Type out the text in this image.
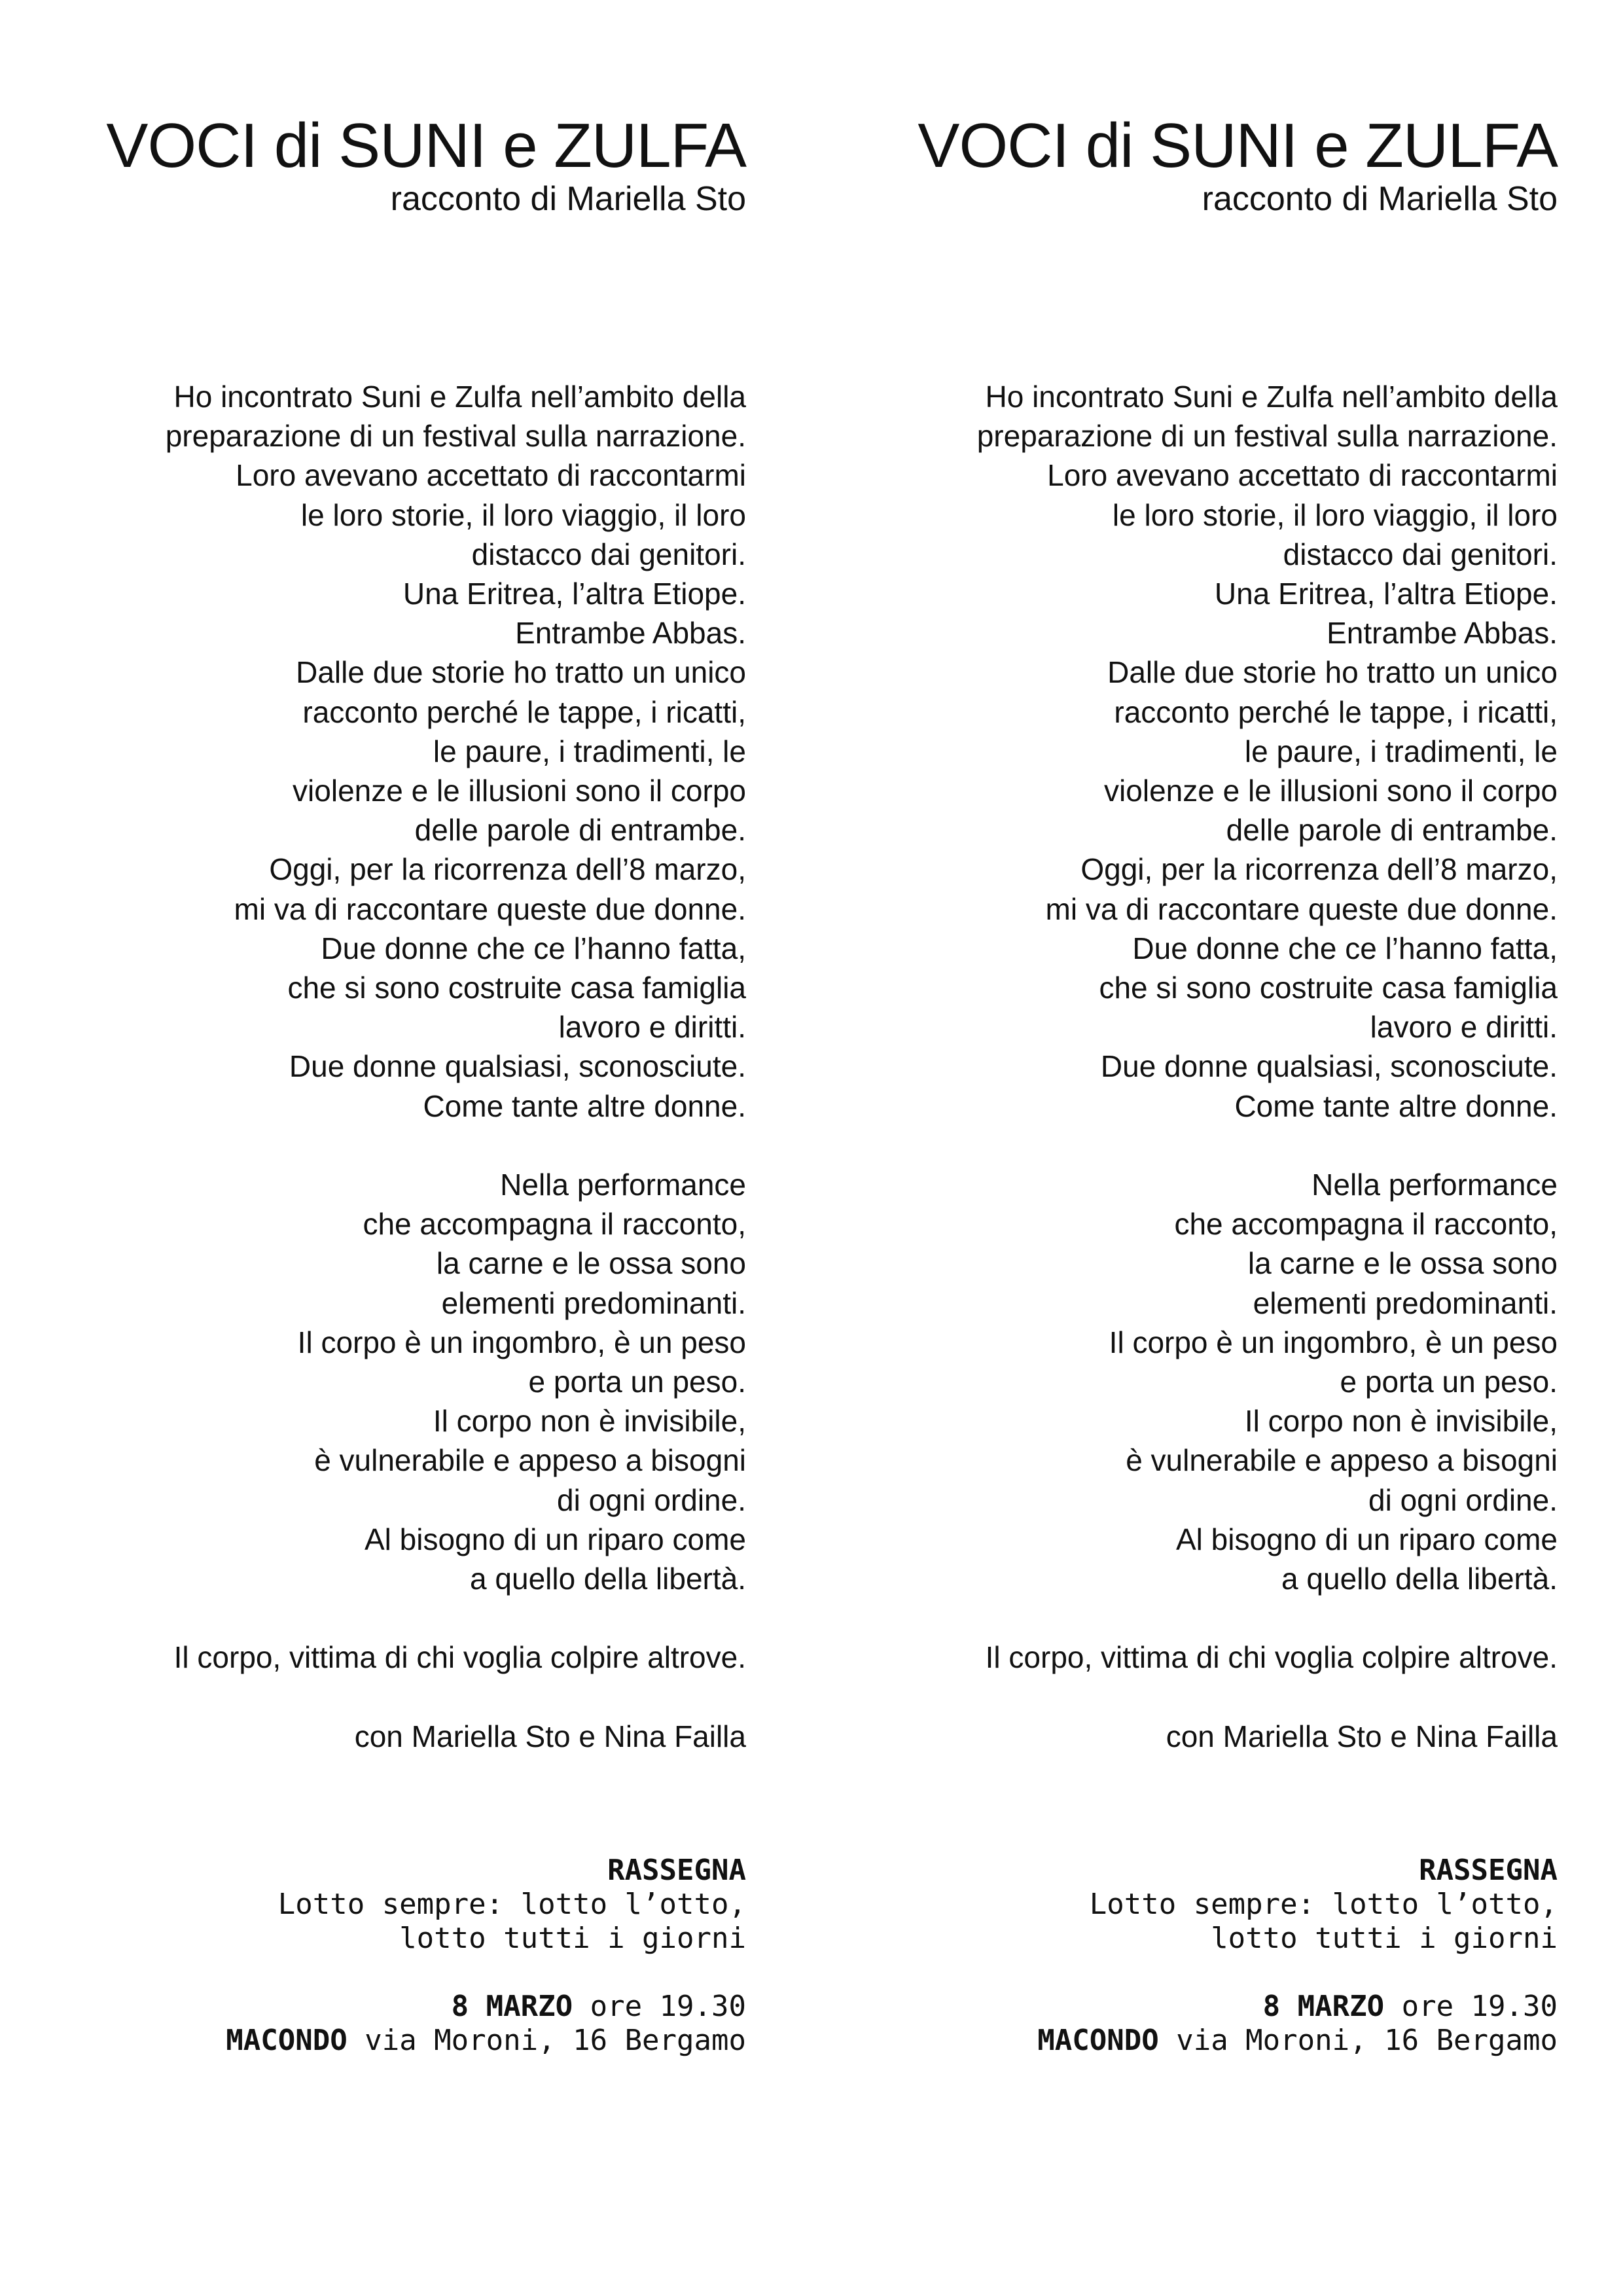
VOCI di SUNI e ZULFA
racconto di Mariella Sto
Ho incontrato Suni e Zulfa nell’ambito della
preparazione di un festival sulla narrazione.
Loro avevano accettato di raccontarmi
le loro storie, il loro viaggio, il loro
distacco dai genitori.
Una Eritrea, l’altra Etiope.
Entrambe Abbas.
Dalle due storie ho tratto un unico
racconto perché le tappe, i ricatti,
le paure, i tradimenti, le
violenze e le illusioni sono il corpo
delle parole di entrambe.
Oggi, per la ricorrenza dell’8 marzo,
mi va di raccontare queste due donne.
Due donne che ce l’hanno fatta,
che si sono costruite casa famiglia
lavoro e diritti.
Due donne qualsiasi, sconosciute.
Come tante altre donne.
Nella performance
che accompagna il racconto,
la carne e le ossa sono
elementi predominanti.
Il corpo è un ingombro, è un peso
e porta un peso.
Il corpo non è invisibile,
è vulnerabile e appeso a bisogni
di ogni ordine.
Al bisogno di un riparo come
a quello della libertà.
Il corpo, vittima di chi voglia colpire altrove.
con Mariella Sto e Nina Failla
RASSEGNA
Lotto sempre: lotto l’otto,
lotto tutti i giorni
8 MARZO ore 19.30
MACONDO via Moroni, 16 Bergamo
VOCI di SUNI e ZULFA
racconto di Mariella Sto
Ho incontrato Suni e Zulfa nell’ambito della
preparazione di un festival sulla narrazione.
Loro avevano accettato di raccontarmi
le loro storie, il loro viaggio, il loro
distacco dai genitori.
Una Eritrea, l’altra Etiope.
Entrambe Abbas.
Dalle due storie ho tratto un unico
racconto perché le tappe, i ricatti,
le paure, i tradimenti, le
violenze e le illusioni sono il corpo
delle parole di entrambe.
Oggi, per la ricorrenza dell’8 marzo,
mi va di raccontare queste due donne.
Due donne che ce l’hanno fatta,
che si sono costruite casa famiglia
lavoro e diritti.
Due donne qualsiasi, sconosciute.
Come tante altre donne.
Nella performance
che accompagna il racconto,
la carne e le ossa sono
elementi predominanti.
Il corpo è un ingombro, è un peso
e porta un peso.
Il corpo non è invisibile,
è vulnerabile e appeso a bisogni
di ogni ordine.
Al bisogno di un riparo come
a quello della libertà.
Il corpo, vittima di chi voglia colpire altrove.
con Mariella Sto e Nina Failla
RASSEGNA
Lotto sempre: lotto l’otto,
lotto tutti i giorni
8 MARZO ore 19.30
MACONDO via Moroni, 16 Bergamo
